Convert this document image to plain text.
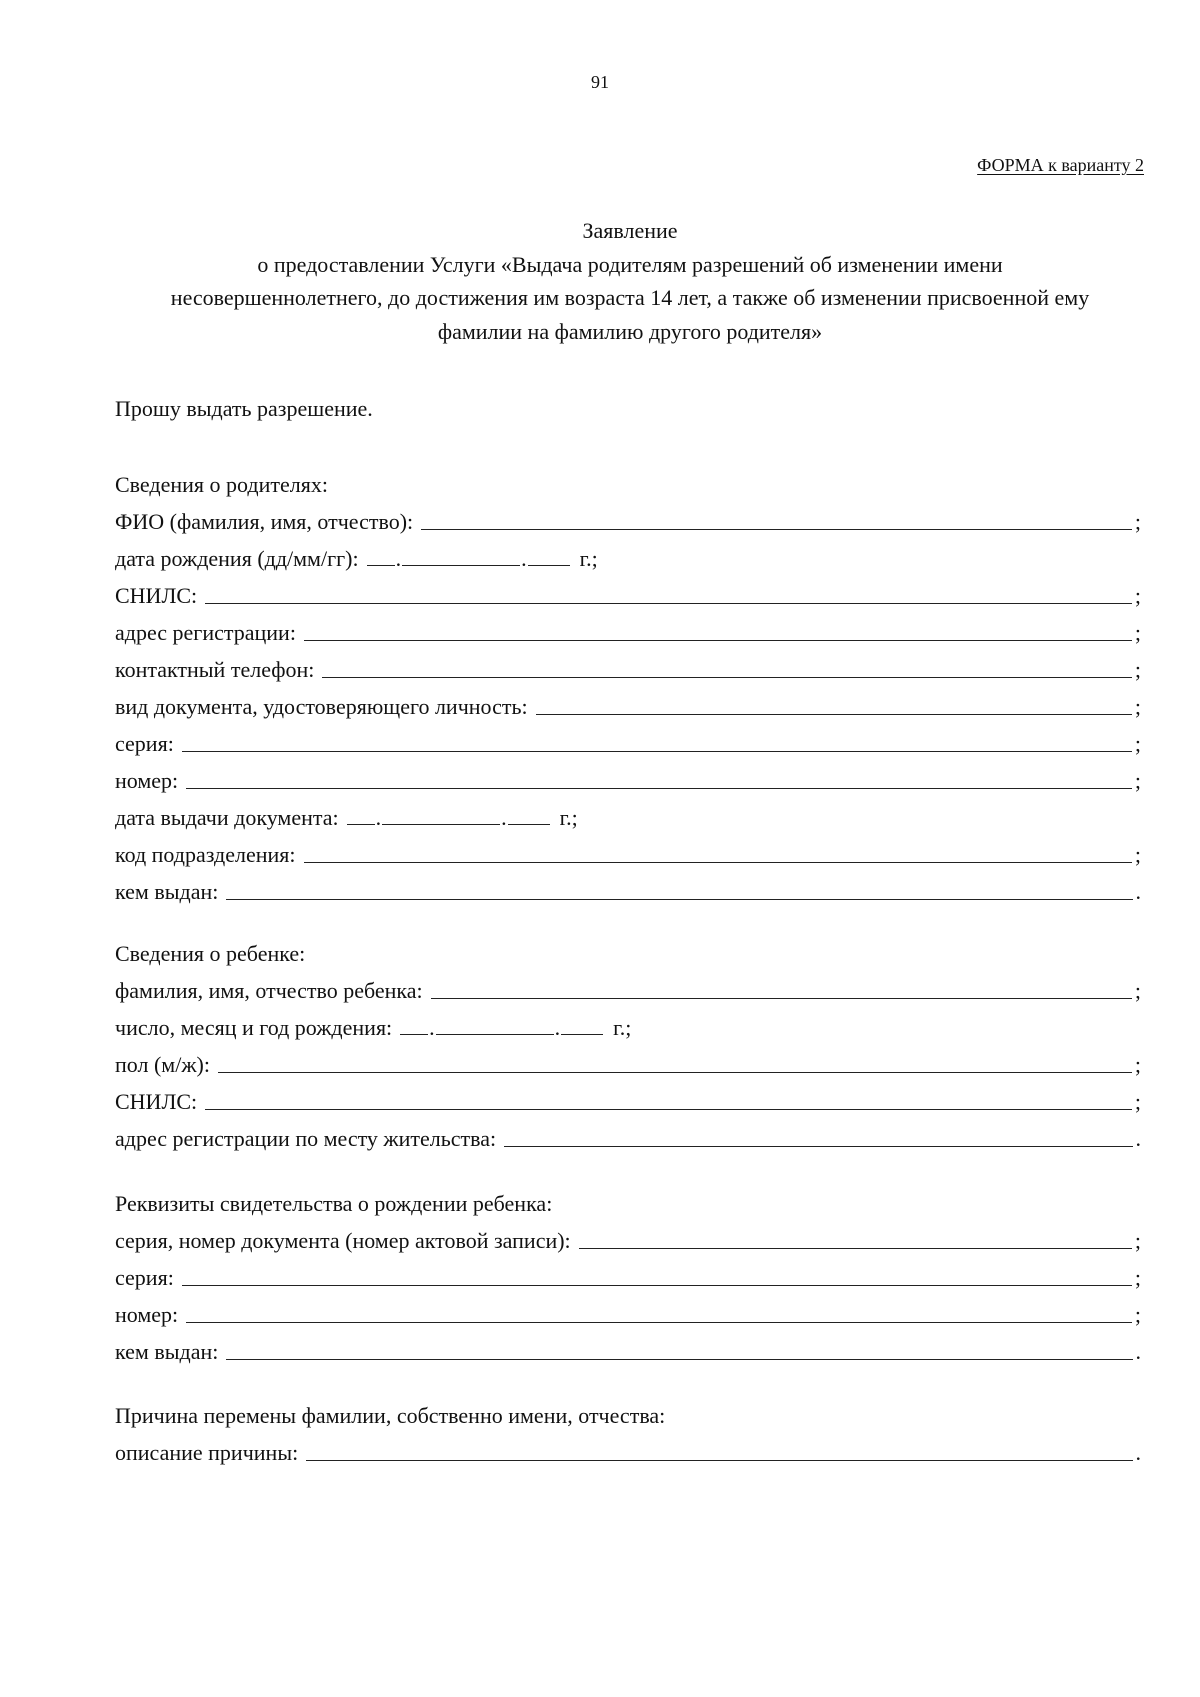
91
ФОРМА к варианту 2
Заявление
о предоставлении Услуги «Выдача родителям разрешений об изменении имени
несовершеннолетнего, до достижения им возраста 14 лет, а также об изменении присвоенной ему
фамилии на фамилию другого родителя»
Прошу выдать разрешение.
Сведения о родителях:
ФИО (фамилия, имя, отчество):	;
дата рождения (дд/мм/гг):	.	.	г.;
СНИЛС:	;
адрес регистрации:	;
контактный телефон:	;
вид документа, удостоверяющего личность:	;
серия:	;
номер:	;
дата выдачи документа:	.	.	г.;
код подразделения:	;
кем выдан:	.
Сведения о ребенке:
фамилия, имя, отчество ребенка:	;
число, месяц и год рождения:	.	.	г.;
пол (м/ж):	;
СНИЛС:	;
адрес регистрации по месту жительства:	.
Реквизиты свидетельства о рождении ребенка:
серия, номер документа (номер актовой записи):	;
серия:	;
номер:	;
кем выдан:	.
Причина перемены фамилии, собственно имени, отчества:
описание причины:	.
